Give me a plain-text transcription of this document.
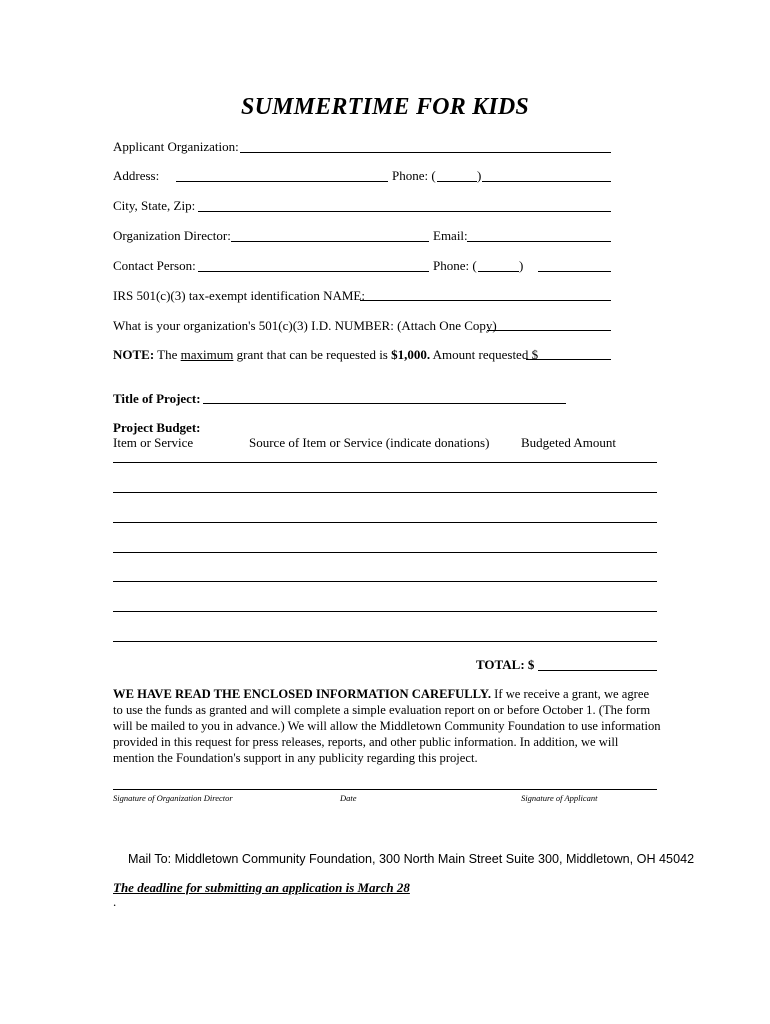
SUMMERTIME FOR KIDS
Applicant Organization:
Address:	Phone: (	)
City, State, Zip:
Organization Director:	Email:
Contact Person:	Phone: (	)
IRS 501(c)(3) tax-exempt identification NAME:
What is your organization's 501(c)(3) I.D. NUMBER: (Attach One Copy)
NOTE: The maximum grant that can be requested is $1,000. Amount requested $
Title of Project:
Project Budget:
Item or Service	Source of Item or Service (indicate donations) Budgeted Amount
TOTAL: $
WE HAVE READ THE ENCLOSED INFORMATION CAREFULLY. If we receive a grant, we agree to use the funds as granted and will complete a simple evaluation report on or before October 1. (The form will be mailed to you in advance.) We will allow the Middletown Community Foundation to use information provided in this request for press releases, reports, and other public information. In addition, we will mention the Foundation's support in any publicity regarding this project.
Signature of Organization Director	Date	Signature of Applicant
Mail To: Middletown Community Foundation, 300 North Main Street Suite 300, Middletown, OH 45042
The deadline for submitting an application is March 28
.
